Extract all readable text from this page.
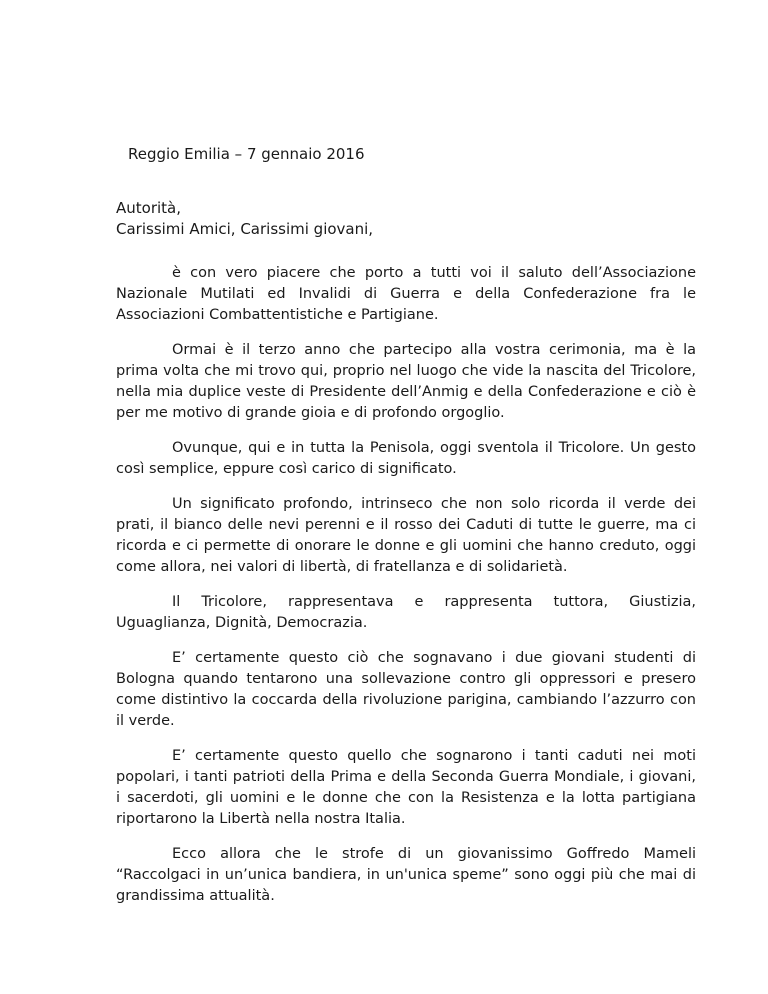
Reggio Emilia – 7 gennaio 2016

Autorità,
Carissimi Amici, Carissimi giovani,

è con vero piacere che porto a tutti voi il saluto dell’Associazione Nazionale Mutilati ed Invalidi di Guerra e della Confederazione fra le Associazioni Combattentistiche e Partigiane.

Ormai è il terzo anno che partecipo alla vostra cerimonia, ma è la prima volta che mi trovo qui, proprio nel luogo che vide la nascita del Tricolore, nella mia duplice veste di Presidente dell’Anmig e della Confederazione e ciò è per me motivo di grande gioia e di profondo orgoglio.

Ovunque, qui e in tutta la Penisola, oggi sventola il Tricolore. Un gesto così semplice, eppure così carico di significato.

Un significato profondo, intrinseco che non solo ricorda il verde dei prati, il bianco delle nevi perenni e il rosso dei Caduti di tutte le guerre, ma ci ricorda e ci permette di onorare le donne e gli uomini che hanno creduto, oggi come allora, nei valori di libertà, di fratellanza e di solidarietà.

Il Tricolore, rappresentava e rappresenta tuttora, Giustizia, Uguaglianza, Dignità, Democrazia.

E’ certamente questo ciò che sognavano i due giovani studenti di Bologna quando tentarono una sollevazione contro gli oppressori e presero come distintivo la coccarda della rivoluzione parigina, cambiando l’azzurro con il verde.

E’ certamente questo quello che sognarono i tanti caduti nei moti popolari, i tanti patrioti della Prima e della Seconda Guerra Mondiale, i giovani, i sacerdoti, gli uomini e le donne che con la Resistenza e la lotta partigiana riportarono la Libertà nella nostra Italia.

Ecco allora che le strofe di un giovanissimo Goffredo Mameli “Raccolgaci in un’unica bandiera, in un'unica speme” sono oggi più che mai di grandissima attualità.
